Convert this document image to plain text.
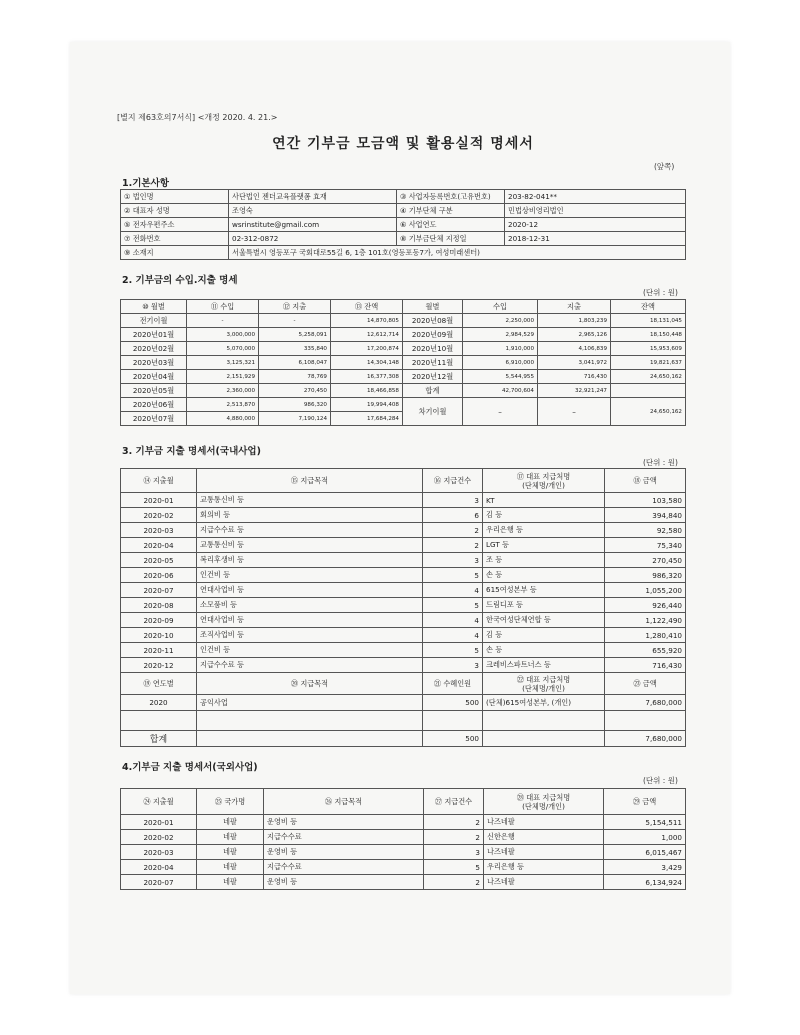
[별지 제63호의7서식] <개정 2020. 4. 21.>
연간 기부금 모금액 및 활용실적 명세서
(앞쪽)
1.기본사항
① 법인명	사단법인 젠더교육플랫폼 효재	③ 사업자등록번호(고유번호)	203-82-041**
② 대표자 성명	조영숙	④ 기부단체 구분	민법상비영리법인
⑤ 전자우편주소	wsrinstitute@gmail.com	⑥ 사업연도	2020-12
⑦ 전화번호	02-312-0872	⑧ 기부금단체 지정일	2018-12-31
⑨ 소재지	서울특별시 영등포구 국회대로55길 6, 1층 101호(영등포동7가, 여성미래센터)		
2. 기부금의 수입.지출 명세
(단위 : 원)
⑩ 월별	⑪ 수입	⑫ 지출	⑬ 잔액	월별	수입	지출	잔액
전기이월	-	-	14,870,805	2020년08월	2,250,000	1,803,239	18,131,045
2020년01월	3,000,000	5,258,091	12,612,714	2020년09월	2,984,529	2,965,126	18,150,448
2020년02월	5,070,000	335,840	17,200,874	2020년10월	1,910,000	4,106,839	15,953,609
2020년03월	3,125,321	6,108,047	14,304,148	2020년11월	6,910,000	3,041,972	19,821,637
2020년04월	2,151,929	78,769	16,377,308	2020년12월	5,544,955	716,430	24,650,162
2020년05월	2,360,000	270,450	18,466,858	합계	42,700,604	32,921,247	
2020년06월	2,513,870	986,320	19,994,408	차기이월	–	–	24,650,162
2020년07월	4,880,000	7,190,124	17,684,284				
3. 기부금 지출 명세서(국내사업)
(단위 : 원)
⑭ 지출월	⑮ 지급목적	⑯ 지급건수	⑰ 대표 지급처명
(단체명/개인)	⑱ 금액
2020-01	교통통신비 등	3	KT	103,580
2020-02	회의비 등	6	김 등	394,840
2020-03	지급수수료 등	2	우리은행 등	92,580
2020-04	교통통신비 등	2	LGT 등	75,340
2020-05	복리후생비 등	3	조 등	270,450
2020-06	인건비 등	5	손 등	986,320
2020-07	연대사업비 등	4	615여성본부 등	1,055,200
2020-08	소모품비 등	5	드림디포 등	926,440
2020-09	연대사업비 등	4	한국여성단체연합 등	1,122,490
2020-10	조직사업비 등	4	김 등	1,280,410
2020-11	인건비 등	5	손 등	655,920
2020-12	지급수수료 등	3	크레비스파트너스 등	716,430
⑲ 연도별	⑳ 지급목적	㉑ 수혜인원	㉒ 대표 지급처명
(단체명/개인)	㉓ 금액
2020	공익사업	500	(단체)615여성본부, (개인)	7,680,000

합계		500		7,680,000
4.기부금 지출 명세서(국외사업)
(단위 : 원)
㉔ 지출월	㉕ 국가명	㉖ 지급목적	㉗ 지급건수	㉘ 대표 지급처명
(단체명/개인)	㉙ 금액
2020-01	네팔	운영비 등	2	나즈네팔	5,154,511
2020-02	네팔	지급수수료	2	신한은행	1,000
2020-03	네팔	운영비 등	3	나즈네팔	6,015,467
2020-04	네팔	지급수수료	5	우리은행 등	3,429
2020-07	네팔	운영비 등	2	나즈네팔	6,134,924
